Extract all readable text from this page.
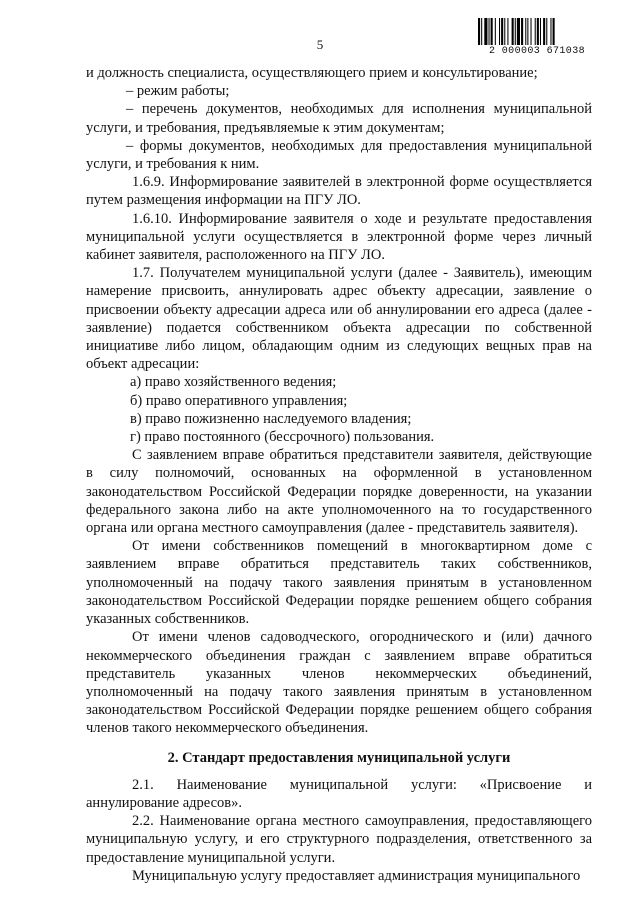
5	2 000003 671038

и должность специалиста, осуществляющего прием и консультирование;

– режим работы;

– перечень документов, необходимых для исполнения муниципальной услуги, и требования, предъявляемые к этим документам;

– формы документов, необходимых для предоставления муниципальной услуги, и требования к ним.

1.6.9. Информирование заявителей в электронной форме осуществляется путем размещения информации на ПГУ ЛО.

1.6.10. Информирование заявителя о ходе и результате предоставления муниципальной услуги осуществляется в электронной форме через личный кабинет заявителя, расположенного на ПГУ ЛО.

1.7. Получателем муниципальной услуги (далее - Заявитель), имеющим намерение присвоить, аннулировать адрес объекту адресации, заявление о присвоении объекту адресации адреса или об аннулировании его адреса (далее - заявление) подается собственником объекта адресации по собственной инициативе либо лицом, обладающим одним из следующих вещных прав на объект адресации:

а) право хозяйственного ведения;

б) право оперативного управления;

в) право пожизненно наследуемого владения;

г) право постоянного (бессрочного) пользования.

С заявлением вправе обратиться представители заявителя, действующие в силу полномочий, основанных на оформленной в установленном законодательством Российской Федерации порядке доверенности, на указании федерального закона либо на акте уполномоченного на то государственного органа или органа местного самоуправления (далее - представитель заявителя).

От имени собственников помещений в многоквартирном доме с заявлением вправе обратиться представитель таких собственников, уполномоченный на подачу такого заявления принятым в установленном законодательством Российской Федерации порядке решением общего собрания указанных собственников.

От имени членов садоводческого, огороднического и (или) дачного некоммерческого объединения граждан с заявлением вправе обратиться представитель указанных членов некоммерческих объединений, уполномоченный на подачу такого заявления принятым в установленном законодательством Российской Федерации порядке решением общего собрания членов такого некоммерческого объединения.

2. Стандарт предоставления муниципальной услуги

2.1. Наименование муниципальной услуги: «Присвоение и аннулирование адресов».

2.2. Наименование органа местного самоуправления, предоставляющего муниципальную услугу, и его структурного подразделения, ответственного за предоставление муниципальной услуги.

Муниципальную услугу предоставляет администрация муниципального
